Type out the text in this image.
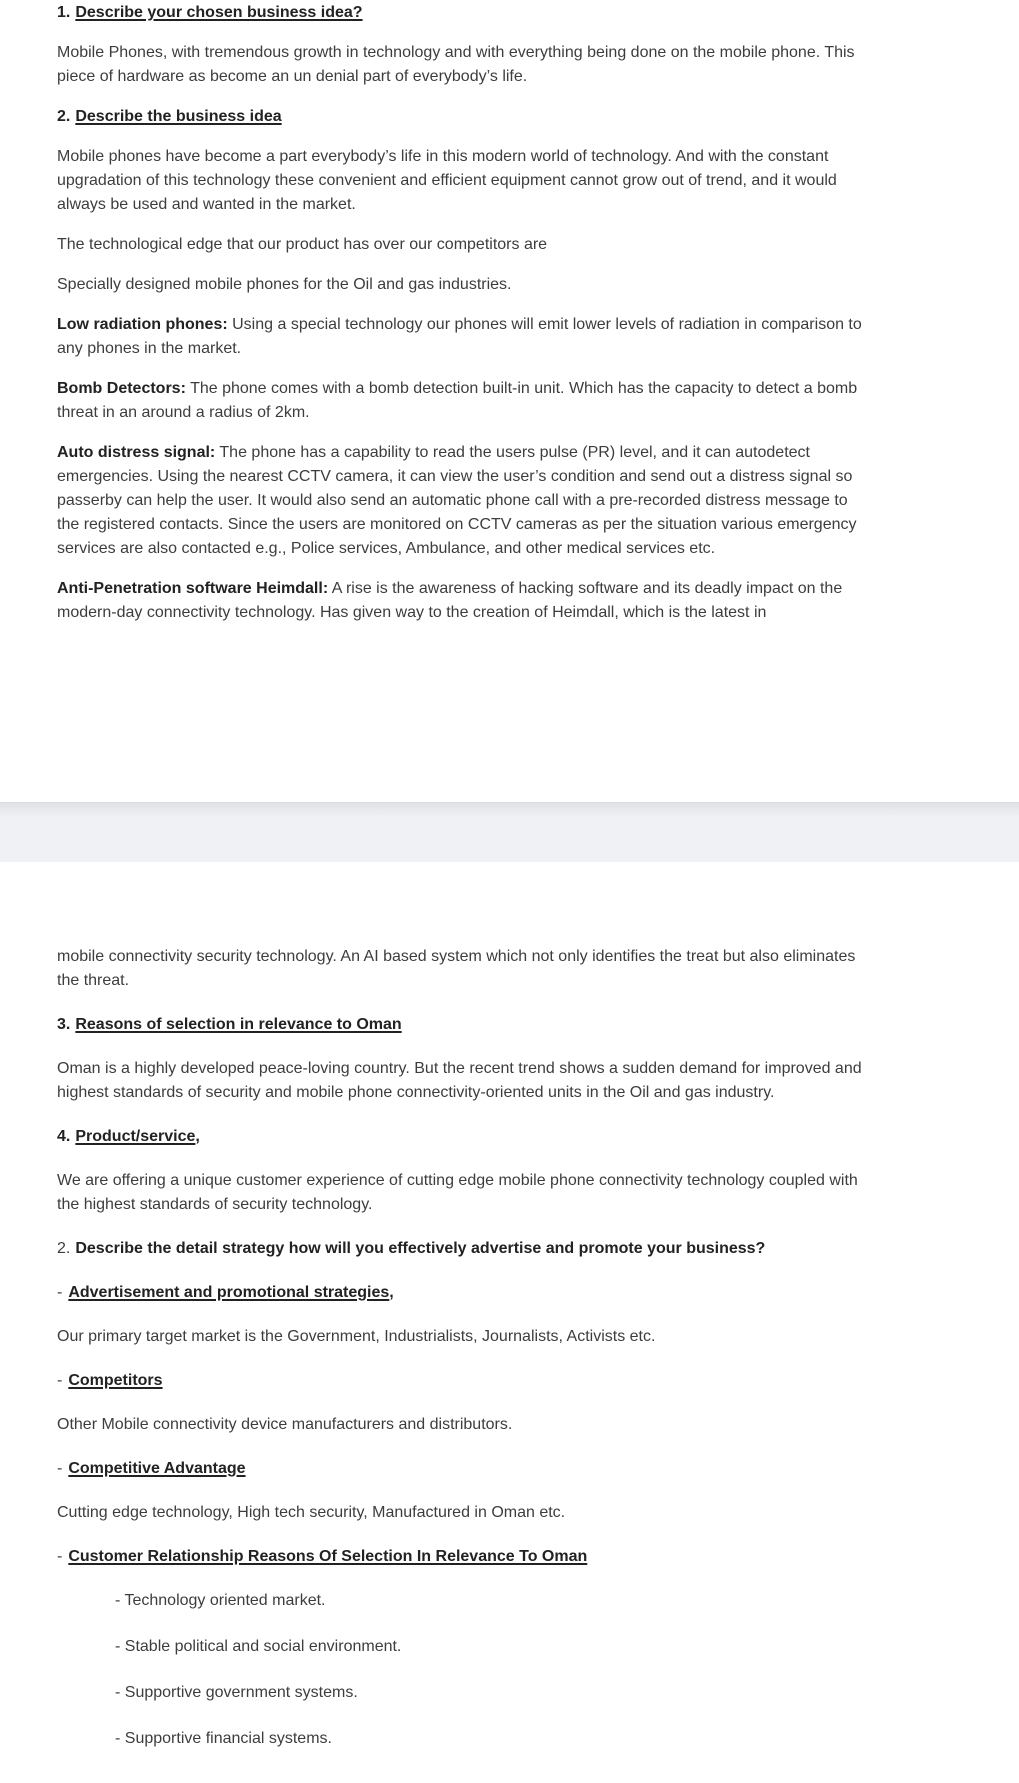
1. Describe your chosen business idea?

Mobile Phones, with tremendous growth in technology and with everything being done on the mobile phone. This piece of hardware as become an un denial part of everybody’s life.

2. Describe the business idea

Mobile phones have become a part everybody’s life in this modern world of technology. And with the constant upgradation of this technology these convenient and efficient equipment cannot grow out of trend, and it would always be used and wanted in the market.

The technological edge that our product has over our competitors are

Specially designed mobile phones for the Oil and gas industries.

Low radiation phones: Using a special technology our phones will emit lower levels of radiation in comparison to any phones in the market.

Bomb Detectors: The phone comes with a bomb detection built-in unit. Which has the capacity to detect a bomb threat in an around a radius of 2km.

Auto distress signal: The phone has a capability to read the users pulse (PR) level, and it can autodetect emergencies. Using the nearest CCTV camera, it can view the user’s condition and send out a distress signal so passerby can help the user. It would also send an automatic phone call with a pre-recorded distress message to the registered contacts. Since the users are monitored on CCTV cameras as per the situation various emergency services are also contacted e.g., Police services, Ambulance, and other medical services etc.

Anti-Penetration software Heimdall: A rise is the awareness of hacking software and its deadly impact on the modern-day connectivity technology. Has given way to the creation of Heimdall, which is the latest in

mobile connectivity security technology. An AI based system which not only identifies the treat but also eliminates the threat.

3. Reasons of selection in relevance to Oman

Oman is a highly developed peace-loving country. But the recent trend shows a sudden demand for improved and highest standards of security and mobile phone connectivity-oriented units in the Oil and gas industry.

4. Product/service,

We are offering a unique customer experience of cutting edge mobile phone connectivity technology coupled with the highest standards of security technology.

2. Describe the detail strategy how will you effectively advertise and promote your business?

- Advertisement and promotional strategies,

Our primary target market is the Government, Industrialists, Journalists, Activists etc.

- Competitors

Other Mobile connectivity device manufacturers and distributors.

- Competitive Advantage

Cutting edge technology, High tech security, Manufactured in Oman etc.

- Customer Relationship Reasons Of Selection In Relevance To Oman

- Technology oriented market.

- Stable political and social environment.

- Supportive government systems.

- Supportive financial systems.
